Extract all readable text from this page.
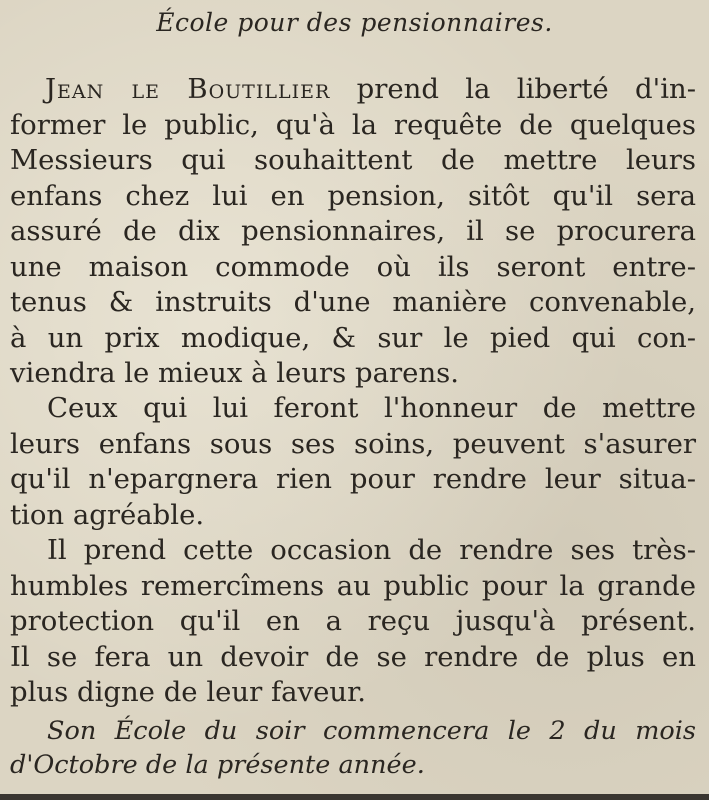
École pour des pensionnaires.
Jean le Boutillier prend la liberté d'in-
former le public, qu'à la requête de quelques
Messieurs qui souhaittent de mettre leurs
enfans chez lui en pension, sitôt qu'il sera
assuré de dix pensionnaires, il se procurera
une maison commode où ils seront entre-
tenus & instruits d'une manière convenable,
à un prix modique, & sur le pied qui con-
viendra le mieux à leurs parens.
Ceux qui lui feront l'honneur de mettre
leurs enfans sous ses soins, peuvent s'asurer
qu'il n'epargnera rien pour rendre leur situa-
tion agréable.
Il prend cette occasion de rendre ses très-
humbles remercîmens au public pour la grande
protection qu'il en a reçu jusqu'à présent.
Il se fera un devoir de se rendre de plus en
plus digne de leur faveur.
Son École du soir commencera le 2 du mois
d'Octobre de la présente année.
